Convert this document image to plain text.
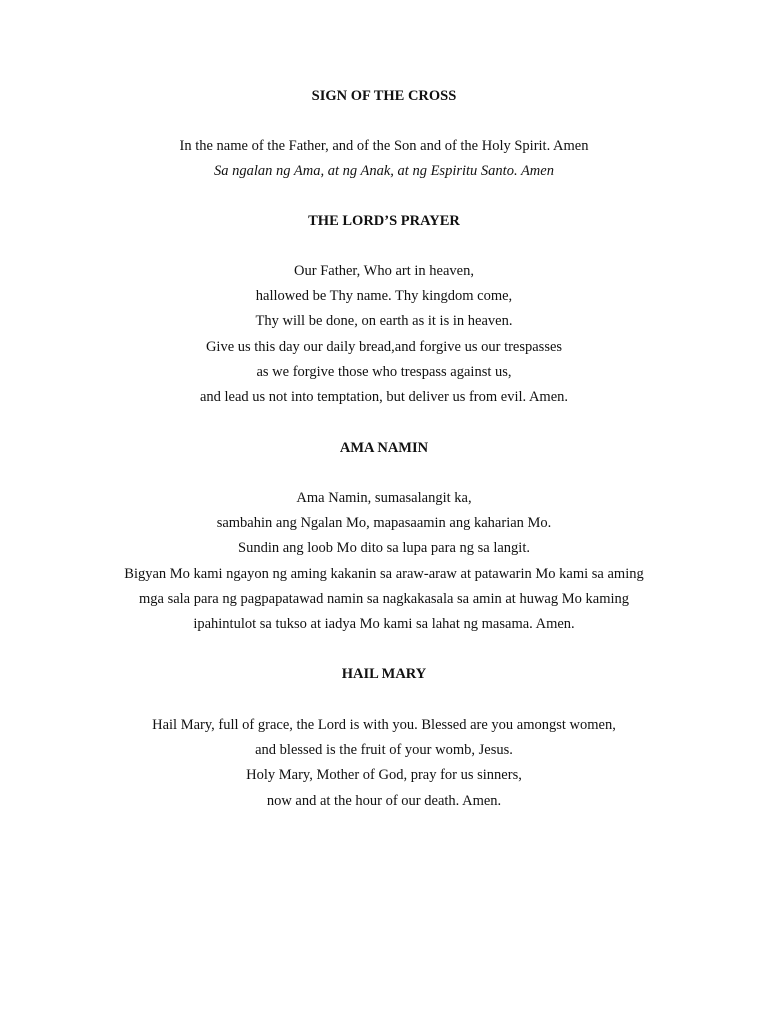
SIGN OF THE CROSS
In the name of the Father, and of the Son and of the Holy Spirit. Amen
Sa ngalan ng Ama, at ng Anak, at ng Espiritu Santo. Amen
THE LORD’S PRAYER
Our Father, Who art in heaven,
hallowed be Thy name. Thy kingdom come,
Thy will be done, on earth as it is in heaven.
Give us this day our daily bread,and forgive us our trespasses
as we forgive those who trespass against us,
and lead us not into temptation, but deliver us from evil. Amen.
AMA NAMIN
Ama Namin, sumasalangit ka,
sambahin ang Ngalan Mo, mapasaamin ang kaharian Mo.
Sundin ang loob Mo dito sa lupa para ng sa langit.
Bigyan Mo kami ngayon ng aming kakanin sa araw-araw at patawarin Mo kami sa aming
mga sala para ng pagpapatawad namin sa nagkakasala sa amin at huwag Mo kaming
ipahintulot sa tukso at iadya Mo kami sa lahat ng masama. Amen.
HAIL MARY
Hail Mary, full of grace, the Lord is with you. Blessed are you amongst women,
and blessed is the fruit of your womb, Jesus.
Holy Mary, Mother of God, pray for us sinners,
now and at the hour of our death. Amen.
